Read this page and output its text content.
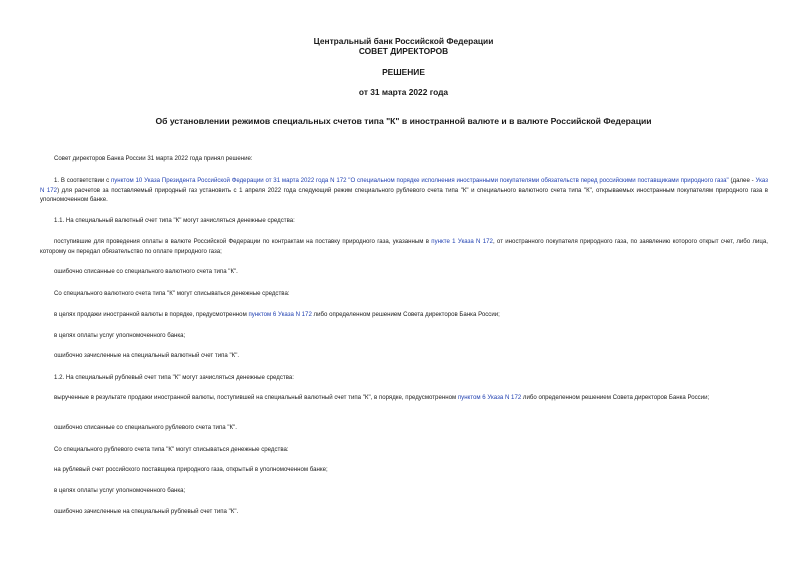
Центральный банк Российской Федерации
СОВЕТ ДИРЕКТОРОВ
РЕШЕНИЕ
от 31 марта 2022 года
Об установлении режимов специальных счетов типа "К" в иностранной валюте и в валюте Российской Федерации
Совет директоров Банка России 31 марта 2022 года принял решение:
1. В соответствии с пунктом 10 Указа Президента Российской Федерации от 31 марта 2022 года N 172 "О специальном порядке исполнения иностранными покупателями обязательств перед российскими поставщиками природного газа" (далее - Указ N 172) для расчетов за поставляемый природный газ установить с 1 апреля 2022 года следующий режим специального рублевого счета типа "К" и специального валютного счета типа "К", открываемых иностранным покупателям природного газа в уполномоченном банке.
1.1. На специальный валютный счет типа "К" могут зачисляться денежные средства:
поступившие для проведения оплаты в валюте Российской Федерации по контрактам на поставку природного газа, указанным в пункте 1 Указа N 172, от иностранного покупателя природного газа, по заявлению которого открыт счет, либо лица, которому он передал обязательство по оплате природного газа;
ошибочно списанные со специального валютного счета типа "К".
Со специального валютного счета типа "К" могут списываться денежные средства:
в целях продажи иностранной валюты в порядке, предусмотренном пунктом 6 Указа N 172 либо определенном решением Совета директоров Банка России;
в целях оплаты услуг уполномоченного банка;
ошибочно зачисленные на специальный валютный счет типа "К".
1.2. На специальный рублевый счет типа "К" могут зачисляться денежные средства:
вырученные в результате продажи иностранной валюты, поступившей на специальный валютный счет типа "К", в порядке, предусмотренном пунктом 6 Указа N 172 либо определенном решением Совета директоров Банка России;
ошибочно списанные со специального рублевого счета типа "К".
Со специального рублевого счета типа "К" могут списываться денежные средства:
на рублевый счет российского поставщика природного газа, открытый в уполномоченном банке;
в целях оплаты услуг уполномоченного банка;
ошибочно зачисленные на специальный рублевый счет типа "К".
